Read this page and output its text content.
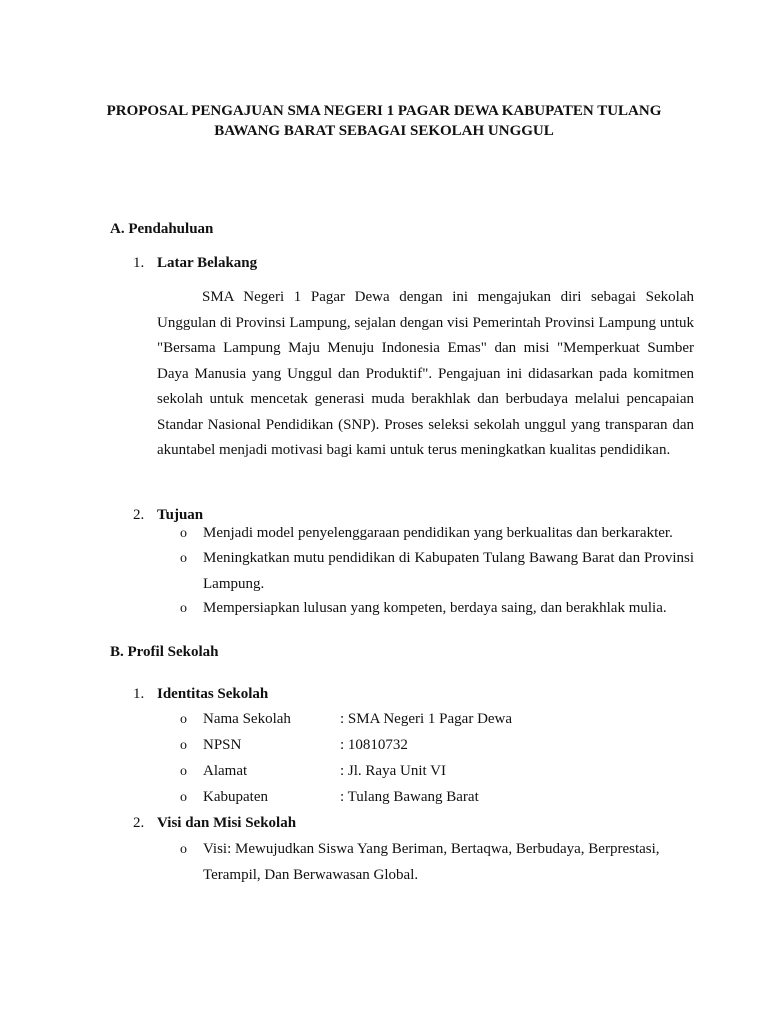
PROPOSAL PENGAJUAN SMA NEGERI 1 PAGAR DEWA KABUPATEN TULANG
BAWANG BARAT SEBAGAI SEKOLAH UNGGUL
A. Pendahuluan
1. Latar Belakang
SMA Negeri 1 Pagar Dewa dengan ini mengajukan diri sebagai Sekolah Unggulan di Provinsi Lampung, sejalan dengan visi Pemerintah Provinsi Lampung untuk "Bersama Lampung Maju Menuju Indonesia Emas" dan misi "Memperkuat Sumber Daya Manusia yang Unggul dan Produktif". Pengajuan ini didasarkan pada komitmen sekolah untuk mencetak generasi muda berakhlak dan berbudaya melalui pencapaian Standar Nasional Pendidikan (SNP). Proses seleksi sekolah unggul yang transparan dan akuntabel menjadi motivasi bagi kami untuk terus meningkatkan kualitas pendidikan.
2. Tujuan
o Menjadi model penyelenggaraan pendidikan yang berkualitas dan berkarakter.
o Meningkatkan mutu pendidikan di Kabupaten Tulang Bawang Barat dan Provinsi Lampung.
o Mempersiapkan lulusan yang kompeten, berdaya saing, dan berakhlak mulia.
B. Profil Sekolah
1. Identitas Sekolah
o Nama Sekolah	: SMA Negeri 1 Pagar Dewa
o NPSN	: 10810732
o Alamat	: Jl. Raya Unit VI
o Kabupaten	: Tulang Bawang Barat
2. Visi dan Misi Sekolah
o Visi: Mewujudkan Siswa Yang Beriman, Bertaqwa, Berbudaya, Berprestasi, Terampil, Dan Berwawasan Global.
